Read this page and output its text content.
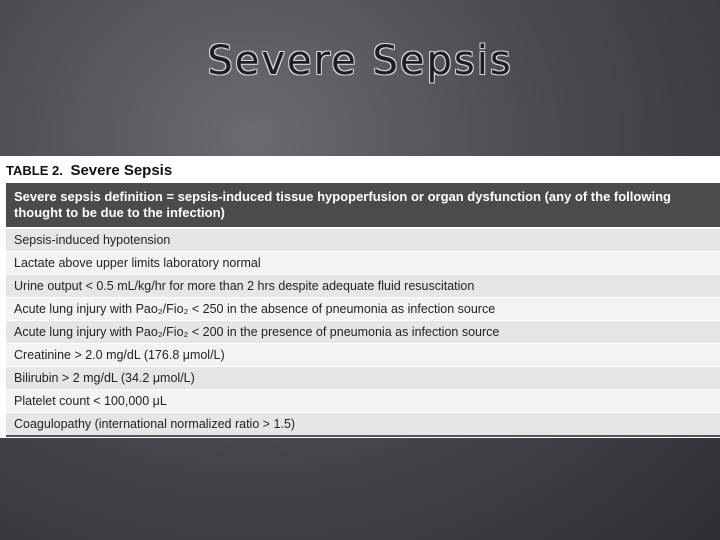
Severe Sepsis
TABLE 2. Severe Sepsis
Severe sepsis definition = sepsis-induced tissue hypoperfusion or organ dysfunction (any of the following thought to be due to the infection)
Sepsis-induced hypotension
Lactate above upper limits laboratory normal
Urine output < 0.5 mL/kg/hr for more than 2 hrs despite adequate fluid resuscitation
Acute lung injury with Pao₂/Fio₂ < 250 in the absence of pneumonia as infection source
Acute lung injury with Pao₂/Fio₂ < 200 in the presence of pneumonia as infection source
Creatinine > 2.0 mg/dL (176.8 μmol/L)
Bilirubin > 2 mg/dL (34.2 μmol/L)
Platelet count < 100,000 μL
Coagulopathy (international normalized ratio > 1.5)
